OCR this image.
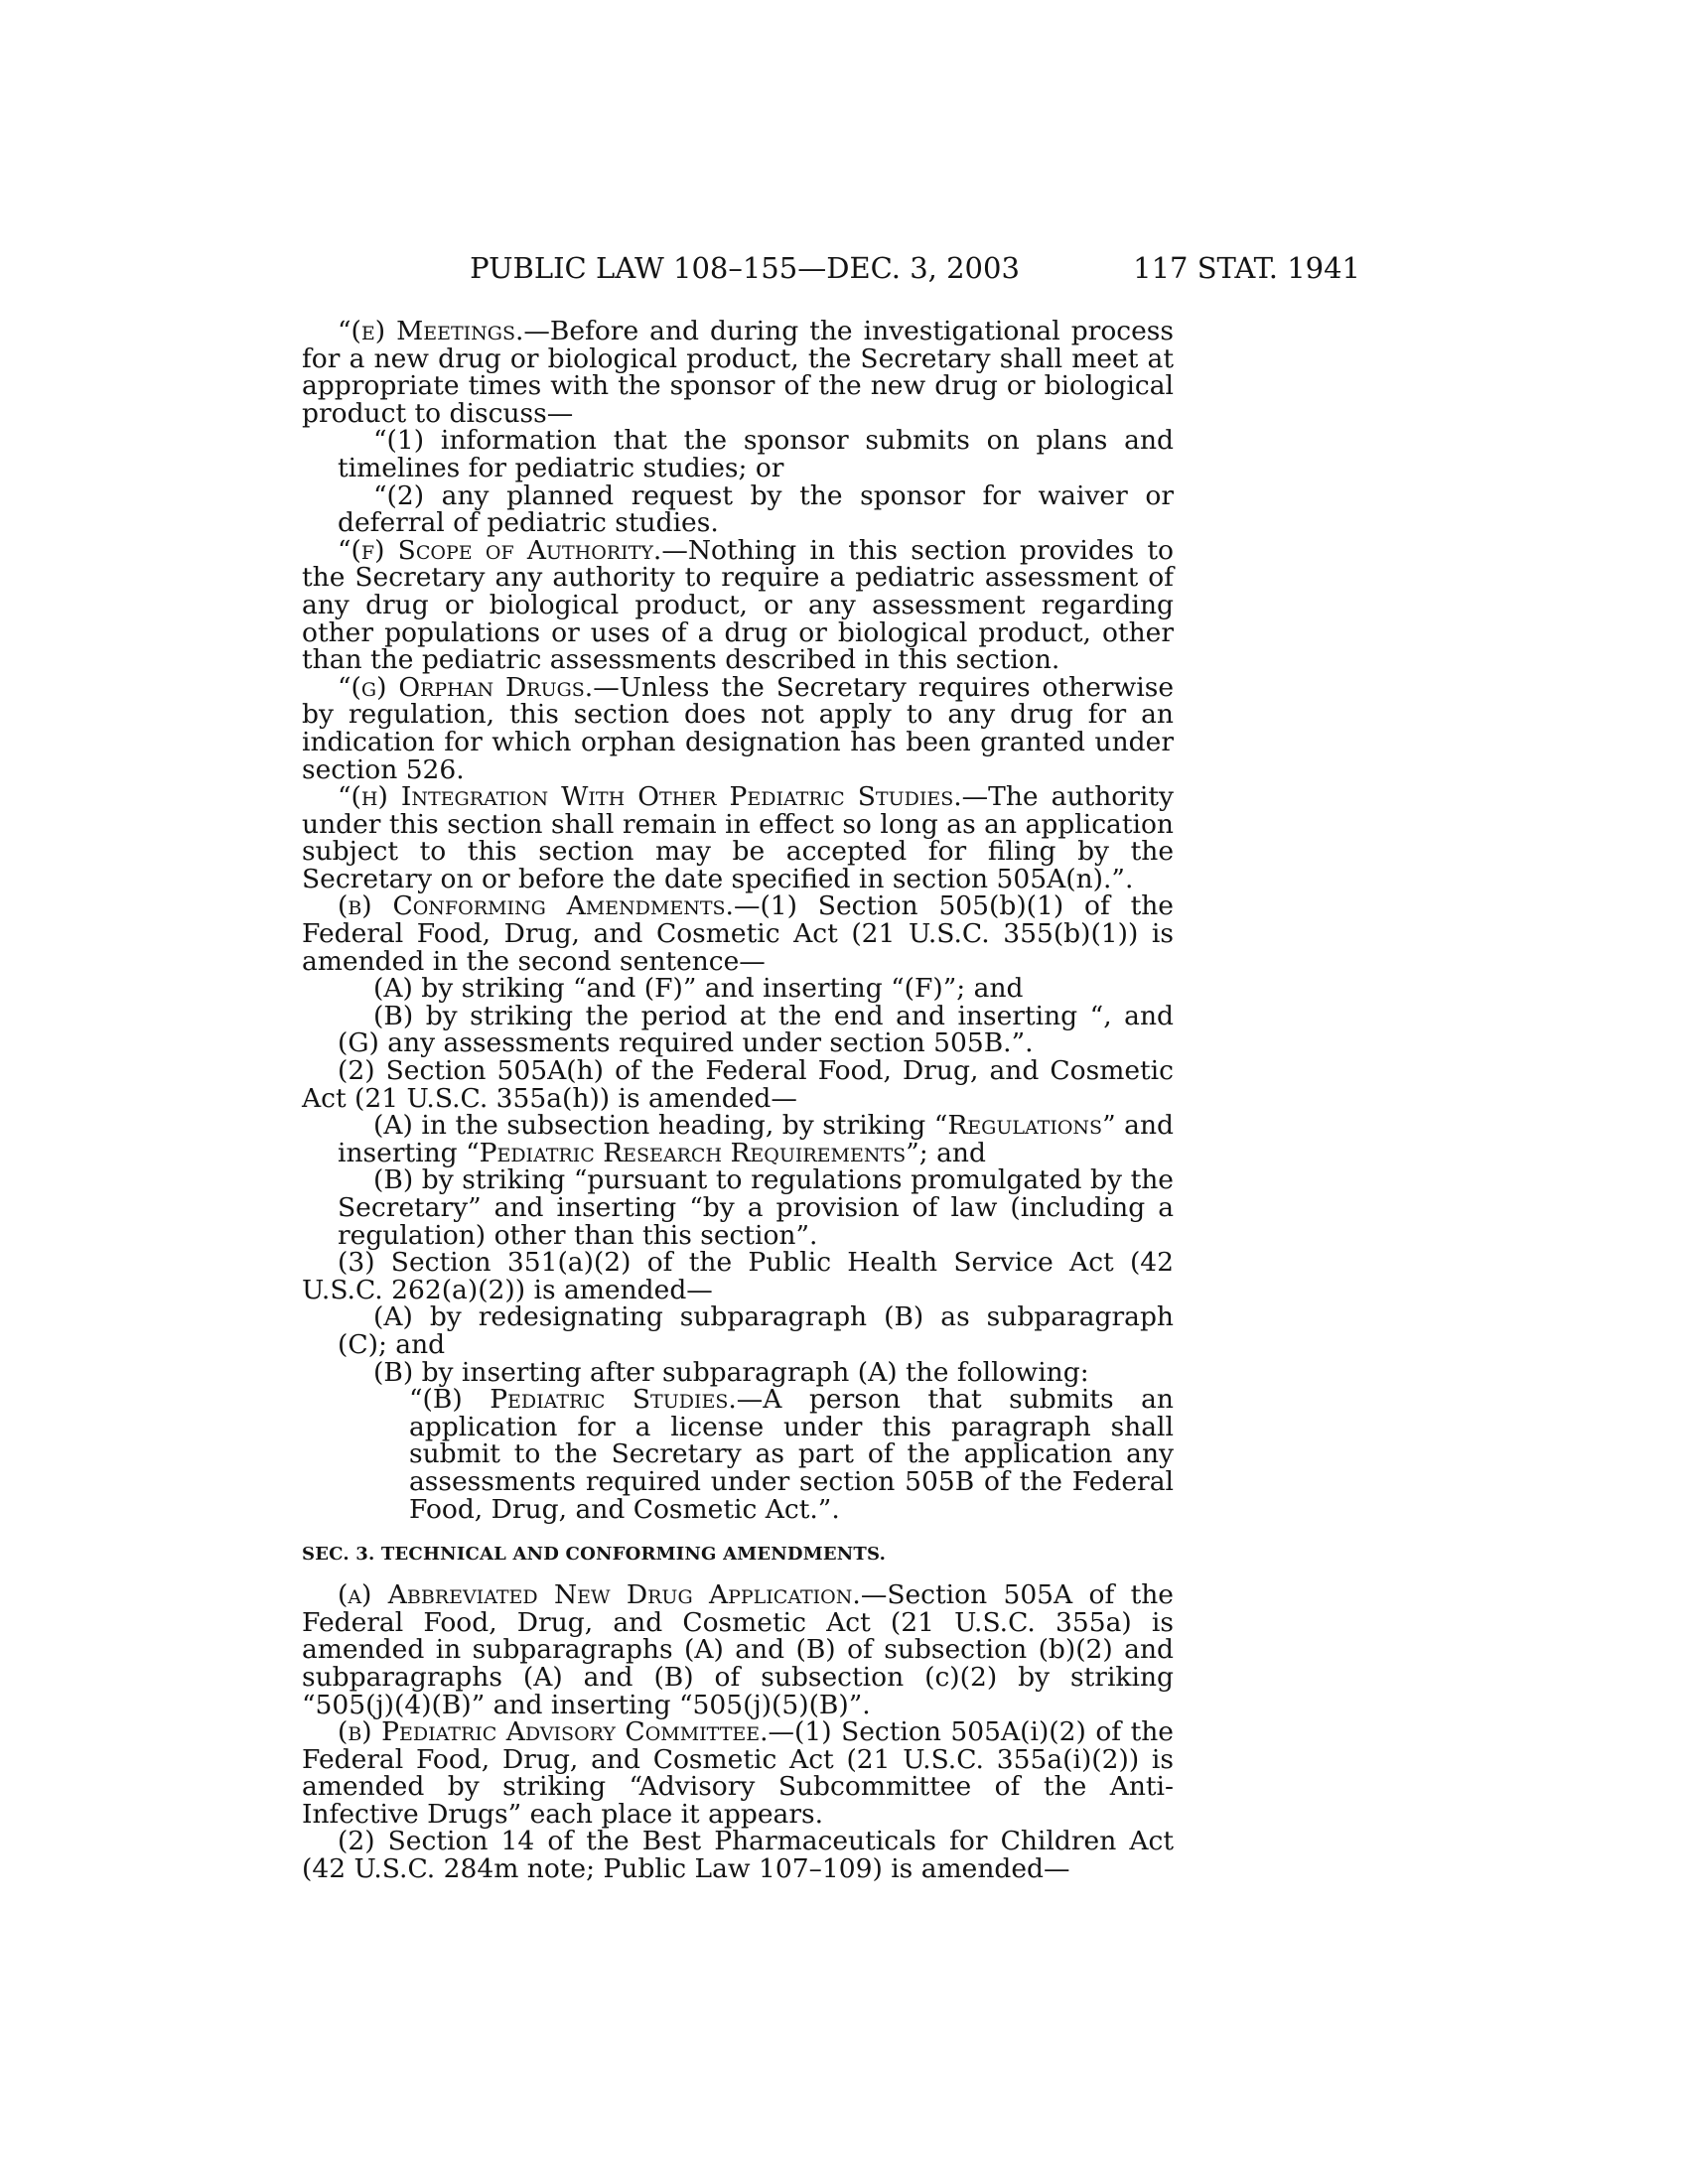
PUBLIC LAW 108–155—DEC. 3, 2003	117 STAT. 1941

“(e) Meetings.—Before and during the investigational process for a new drug or biological product, the Secretary shall meet at appropriate times with the sponsor of the new drug or biological product to discuss—

“(1) information that the sponsor submits on plans and timelines for pediatric studies; or

“(2) any planned request by the sponsor for waiver or deferral of pediatric studies.

“(f) Scope of Authority.—Nothing in this section provides to the Secretary any authority to require a pediatric assessment of any drug or biological product, or any assessment regarding other populations or uses of a drug or biological product, other than the pediatric assessments described in this section.

“(g) Orphan Drugs.—Unless the Secretary requires otherwise by regulation, this section does not apply to any drug for an indication for which orphan designation has been granted under section 526.

“(h) Integration With Other Pediatric Studies.—The authority under this section shall remain in effect so long as an application subject to this section may be accepted for filing by the Secretary on or before the date specified in section 505A(n).”.

(b) Conforming Amendments.—(1) Section 505(b)(1) of the Federal Food, Drug, and Cosmetic Act (21 U.S.C. 355(b)(1)) is amended in the second sentence—

(A) by striking “and (F)” and inserting “(F)”; and

(B) by striking the period at the end and inserting “, and (G) any assessments required under section 505B.”.

(2) Section 505A(h) of the Federal Food, Drug, and Cosmetic Act (21 U.S.C. 355a(h)) is amended—

(A) in the subsection heading, by striking “Regulations” and inserting “Pediatric Research Requirements”; and

(B) by striking “pursuant to regulations promulgated by the Secretary” and inserting “by a provision of law (including a regulation) other than this section”.

(3) Section 351(a)(2) of the Public Health Service Act (42 U.S.C. 262(a)(2)) is amended—

(A) by redesignating subparagraph (B) as subparagraph (C); and

(B) by inserting after subparagraph (A) the following:

“(B) Pediatric Studies.—A person that submits an application for a license under this paragraph shall submit to the Secretary as part of the application any assessments required under section 505B of the Federal Food, Drug, and Cosmetic Act.”.

SEC. 3. TECHNICAL AND CONFORMING AMENDMENTS.

(a) Abbreviated New Drug Application.—Section 505A of the Federal Food, Drug, and Cosmetic Act (21 U.S.C. 355a) is amended in subparagraphs (A) and (B) of subsection (b)(2) and subparagraphs (A) and (B) of subsection (c)(2) by striking “505(j)(4)(B)” and inserting “505(j)(5)(B)”.

(b) Pediatric Advisory Committee.—(1) Section 505A(i)(2) of the Federal Food, Drug, and Cosmetic Act (21 U.S.C. 355a(i)(2)) is amended by striking “Advisory Subcommittee of the Anti-Infective Drugs” each place it appears.

(2) Section 14 of the Best Pharmaceuticals for Children Act (42 U.S.C. 284m note; Public Law 107–109) is amended—
